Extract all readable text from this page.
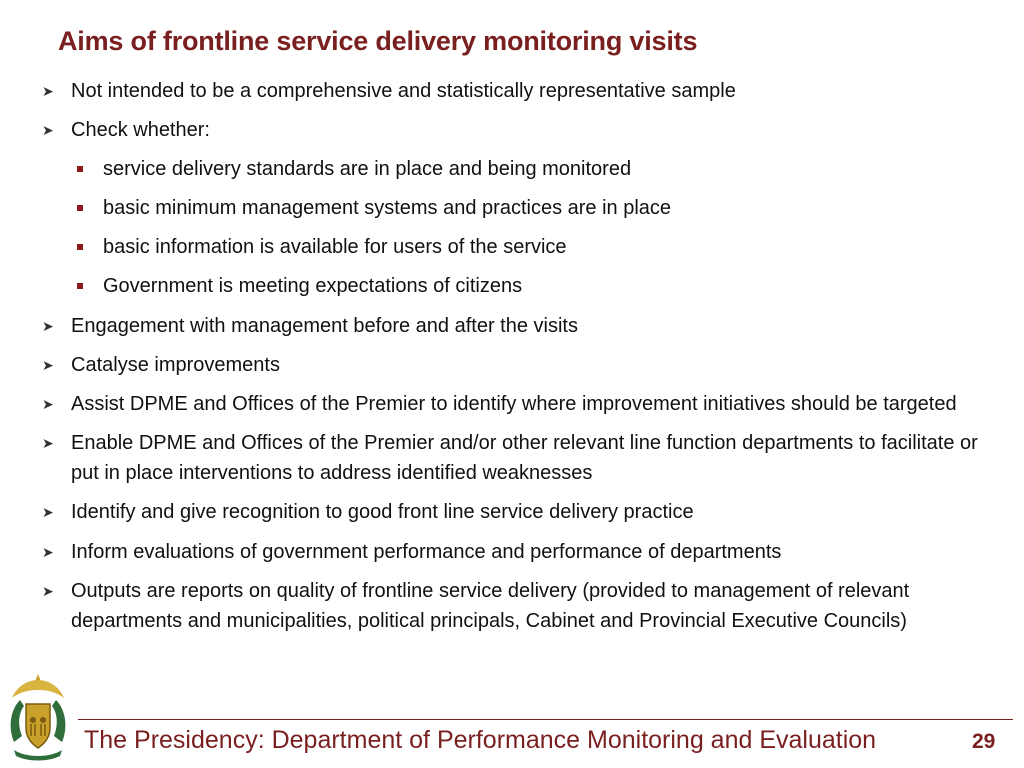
Aims of frontline service delivery monitoring visits
➤ Not intended to be a comprehensive and statistically representative sample
➤ Check whether:
service delivery standards are in place and being monitored
basic minimum management systems and practices are in place
basic information is available for users of the service
Government is meeting expectations of citizens
➤ Engagement with management before and after the visits
➤ Catalyse improvements
➤ Assist DPME and Offices of the Premier to identify where improvement initiatives should be targeted
➤ Enable DPME and Offices of the Premier and/or other relevant line function departments to facilitate or put in place interventions to address identified weaknesses
➤ Identify and give recognition to good front line service delivery practice
➤ Inform evaluations of government performance and performance of departments
➤ Outputs are reports on quality of frontline service delivery (provided to management of relevant departments and municipalities, political principals, Cabinet and Provincial Executive Councils)
The Presidency: Department of Performance Monitoring and Evaluation	29
